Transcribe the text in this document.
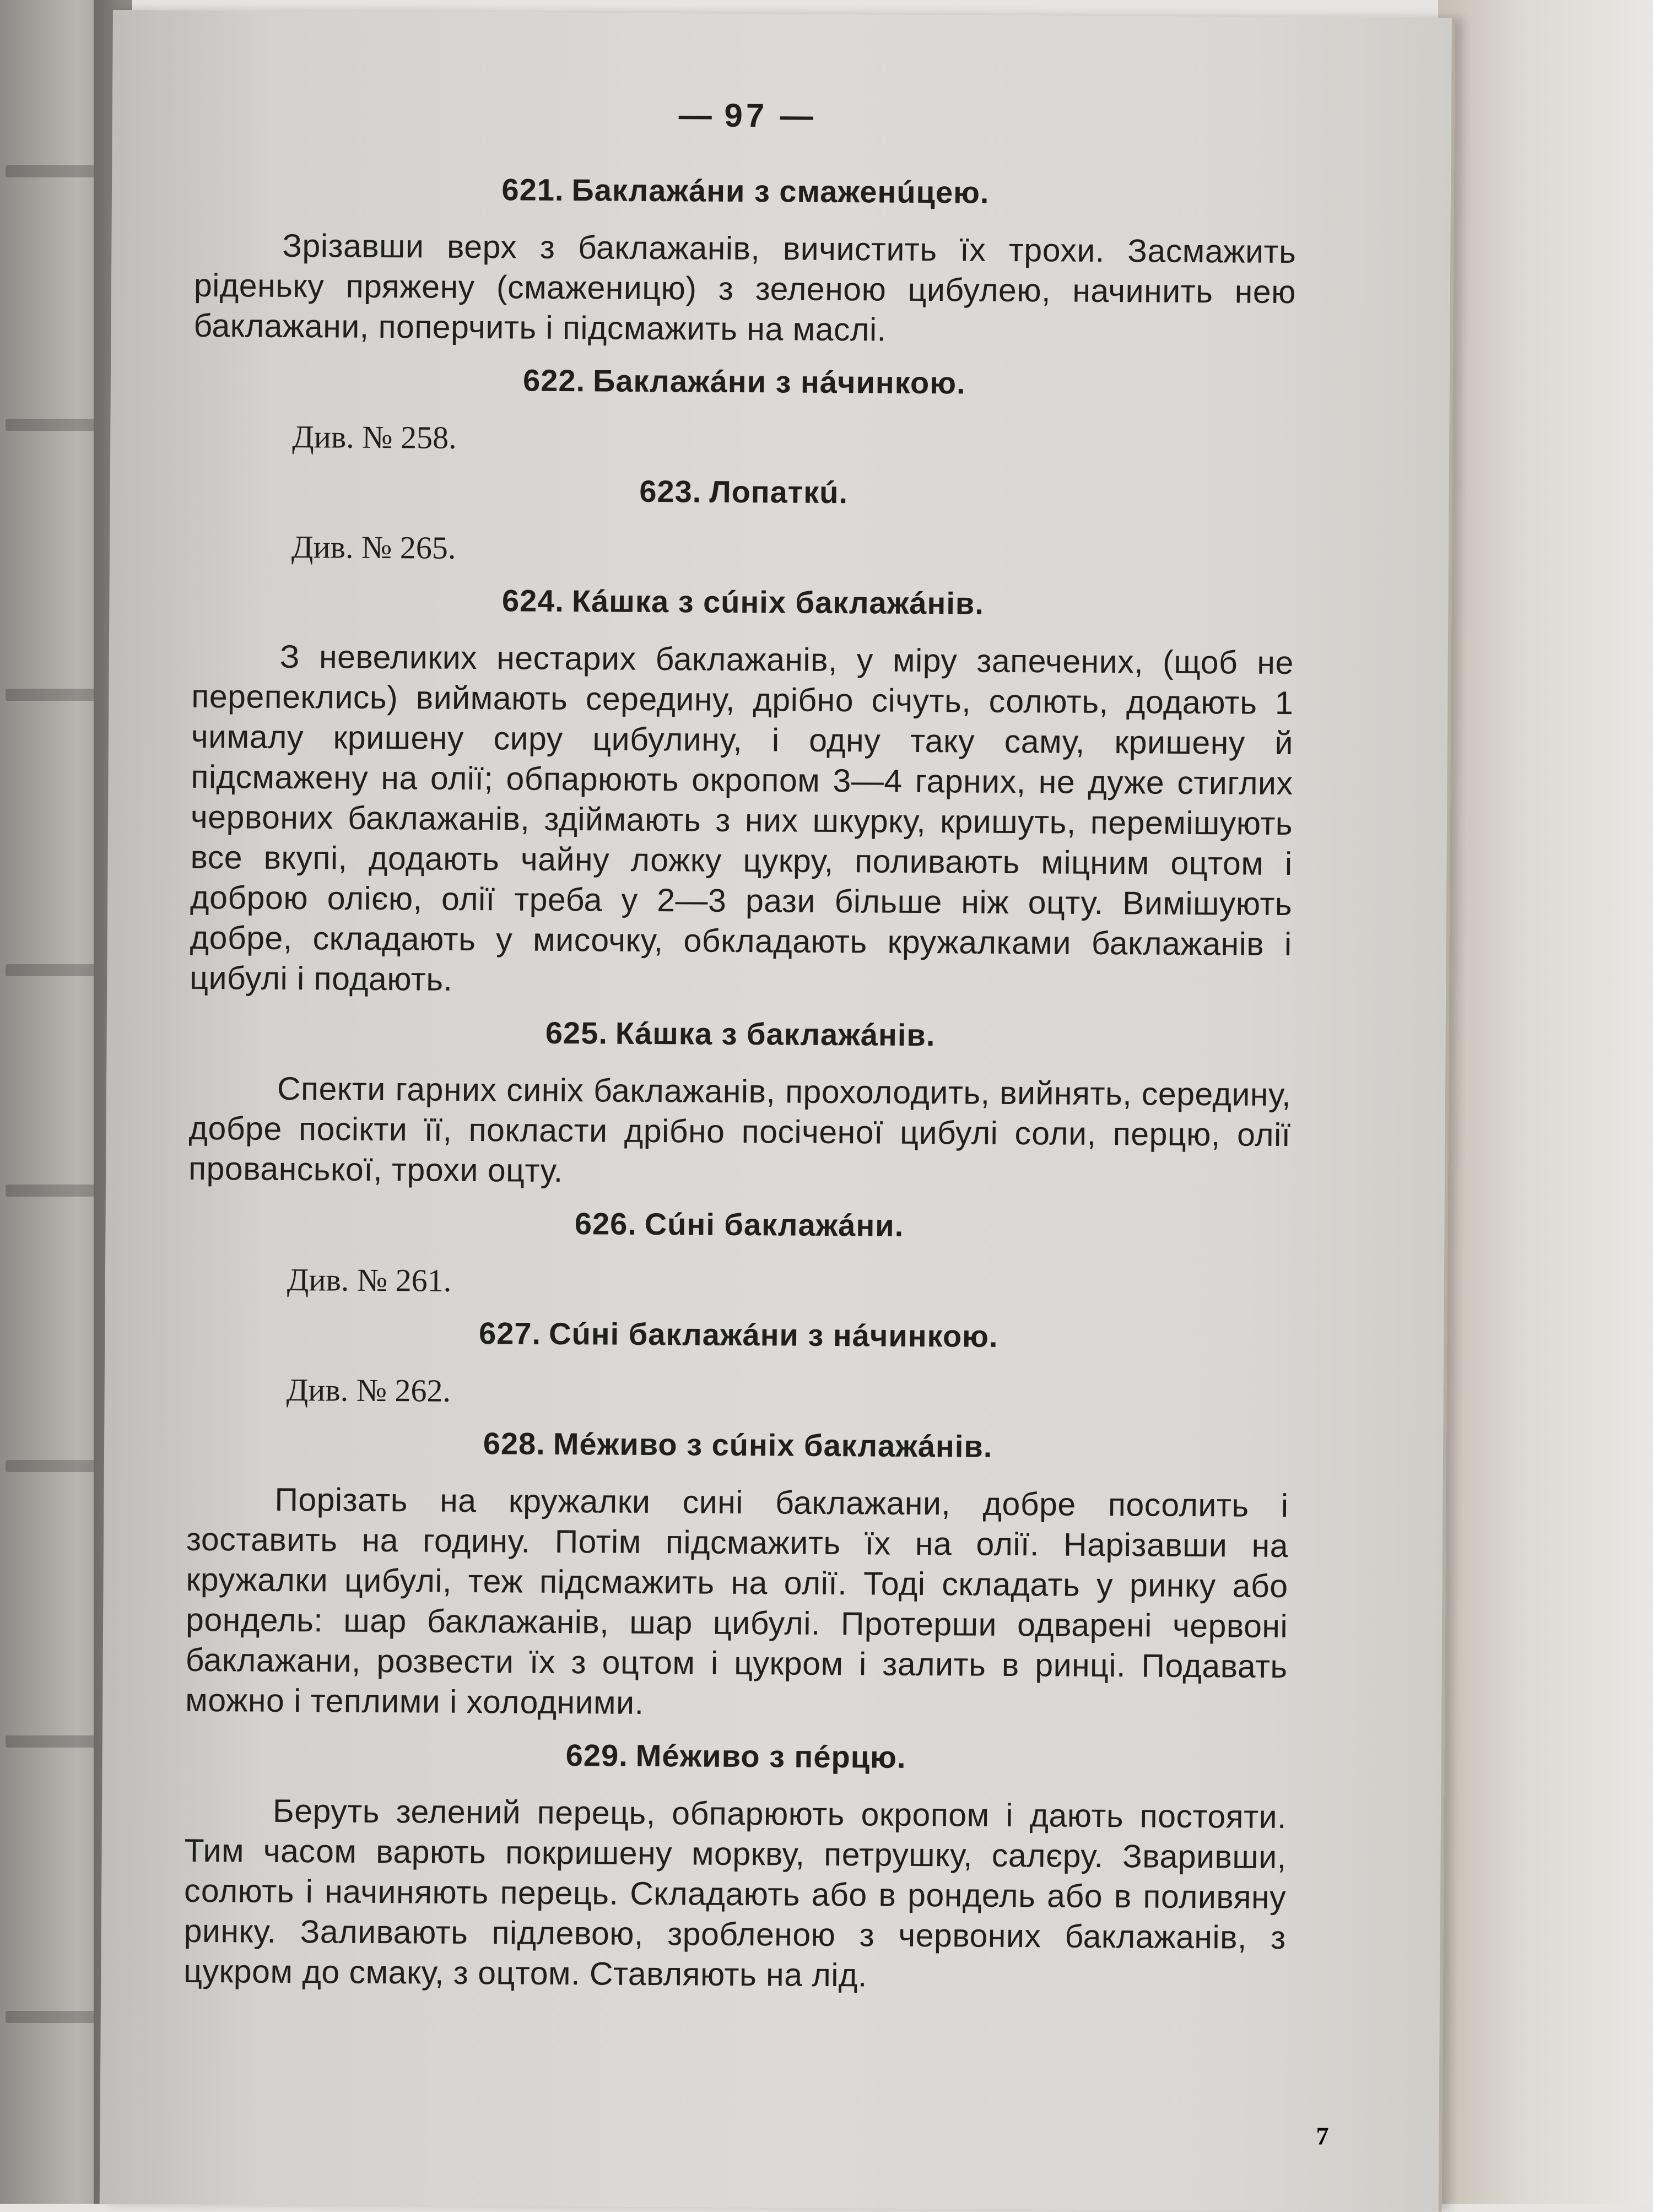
— 97 —
621. Баклажáни з смаженúцею.

Зрізавши верх з баклажанів, вичистить їх трохи. Засмажить ріденьку пряжену (смаженицю) з зеленою цибулею, начинить нею баклажани, поперчить і підсмажить на маслі.

622. Баклажáни з нáчинкою.

Див. № 258.

623. Лопаткú.

Див. № 265.

624. Кáшка з сúніх баклажáнів.

З невеликих нестарих баклажанів, у міру запечених, (щоб не перепеклись) виймають середину, дрібно січуть, солють, додають 1 чималу кришену сиру цибулину, і одну таку саму, кришену й підсмажену на олії; обпарюють окропом 3—4 гарних, не дуже стиглих червоних баклажанів, здіймають з них шкурку, кришуть, перемішують все вкупі, додають чайну ложку цукру, поливають міцним оцтом і доброю олією, олії треба у 2—3 рази більше ніж оцту. Вимішують добре, складають у мисочку, обкладають кружалками баклажанів і цибулі і подають.

625. Кáшка з баклажáнів.

Спекти гарних синіх баклажанів, прохолодить, вийнять, середину, добре посікти її, покласти дрібно посіченої цибулі соли, перцю, олії прованської, трохи оцту.

626. Сúні баклажáни.

Див. № 261.

627. Сúні баклажáни з нáчинкою.

Див. № 262.

628. Мéживо з сúніх баклажáнів.

Порізать на кружалки сині баклажани, добре посолить і зоставить на годину. Потім підсмажить їх на олії. Нарізавши на кружалки цибулі, теж підсмажить на олії. Тоді складать у ринку або рондель: шар баклажанів, шар цибулі. Протерши одварені червоні баклажани, розвести їх з оцтом і цукром і залить в ринці. Подавать можно і теплими і холодними.

629. Мéживо з пéрцю.

Беруть зелений перець, обпарюють окропом і дають постояти. Тим часом варють покришену моркву, петрушку, салєру. Зваривши, солють і начиняють перець. Складають або в рондель або в поливяну ринку. Заливають підлевою, зробленою з червоних баклажанів, з цукром до смаку, з оцтом. Ставляють на лід.

7
